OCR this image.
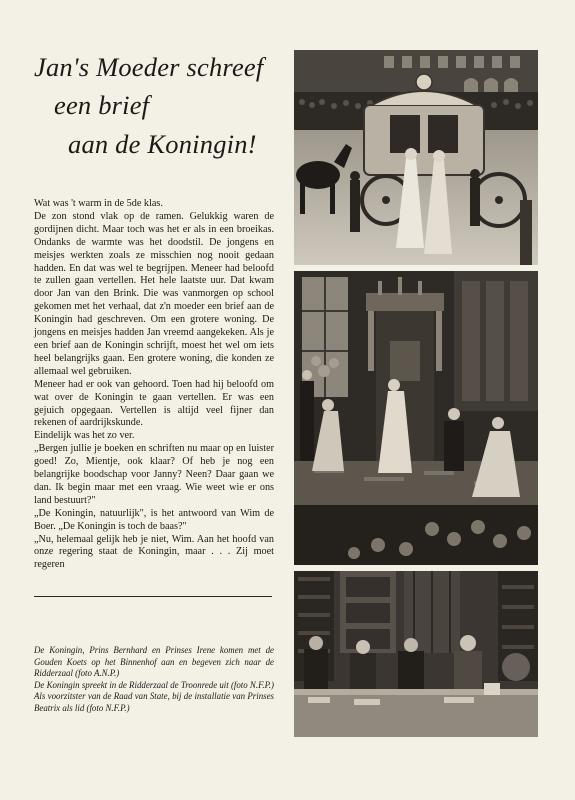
Jan's Moeder schreef
een brief
aan de Koningin!

Wat was 't warm in de 5de klas.

De zon stond vlak op de ramen. Gelukkig waren de gordijnen dicht. Maar toch was het er als in een broeikas. Ondanks de warmte was het doodstil. De jongens en meisjes werkten zoals ze misschien nog nooit gedaan hadden. En dat was wel te begrijpen. Meneer had beloofd te zullen gaan vertellen. Het hele laatste uur. Dat kwam door Jan van den Brink. Die was vanmorgen op school gekomen met het verhaal, dat z'n moeder een brief aan de Koningin had geschreven. Om een grotere woning. De jongens en meisjes hadden Jan vreemd aangekeken. Als je een brief aan de Koningin schrijft, moest het wel om iets heel belangrijks gaan. Een grotere woning, die konden ze allemaal wel gebruiken.

Meneer had er ook van gehoord. Toen had hij beloofd om wat over de Koningin te gaan vertellen. Er was een gejuich opgegaan. Vertellen is altijd veel fijner dan rekenen of aardrijkskunde.

Eindelijk was het zo ver.

„Bergen jullie je boeken en schriften nu maar op en luister goed! Zo, Mientje, ook klaar? Of heb je nog een belangrijke boodschap voor Janny? Neen? Daar gaan we dan. Ik begin maar met een vraag. Wie weet wie er ons land bestuurt?"

„De Koningin, natuurlijk", is het antwoord van Wim de Boer. „De Koningin is toch de baas?"

„Nu, helemaal gelijk heb je niet, Wim. Aan het hoofd van onze regering staat de Koningin, maar . . . Zij moet regeren

De Koningin, Prins Bernhard en Prinses Irene komen met de Gouden Koets op het Binnenhof aan en begeven zich naar de Ridderzaal (foto A.N.P.)

De Koningin spreekt in de Ridderzaal de Troonrede uit (foto N.F.P.)

Als voorzitster van de Raad van State, bij de installatie van Prinses Beatrix als lid (foto N.F.P.)
